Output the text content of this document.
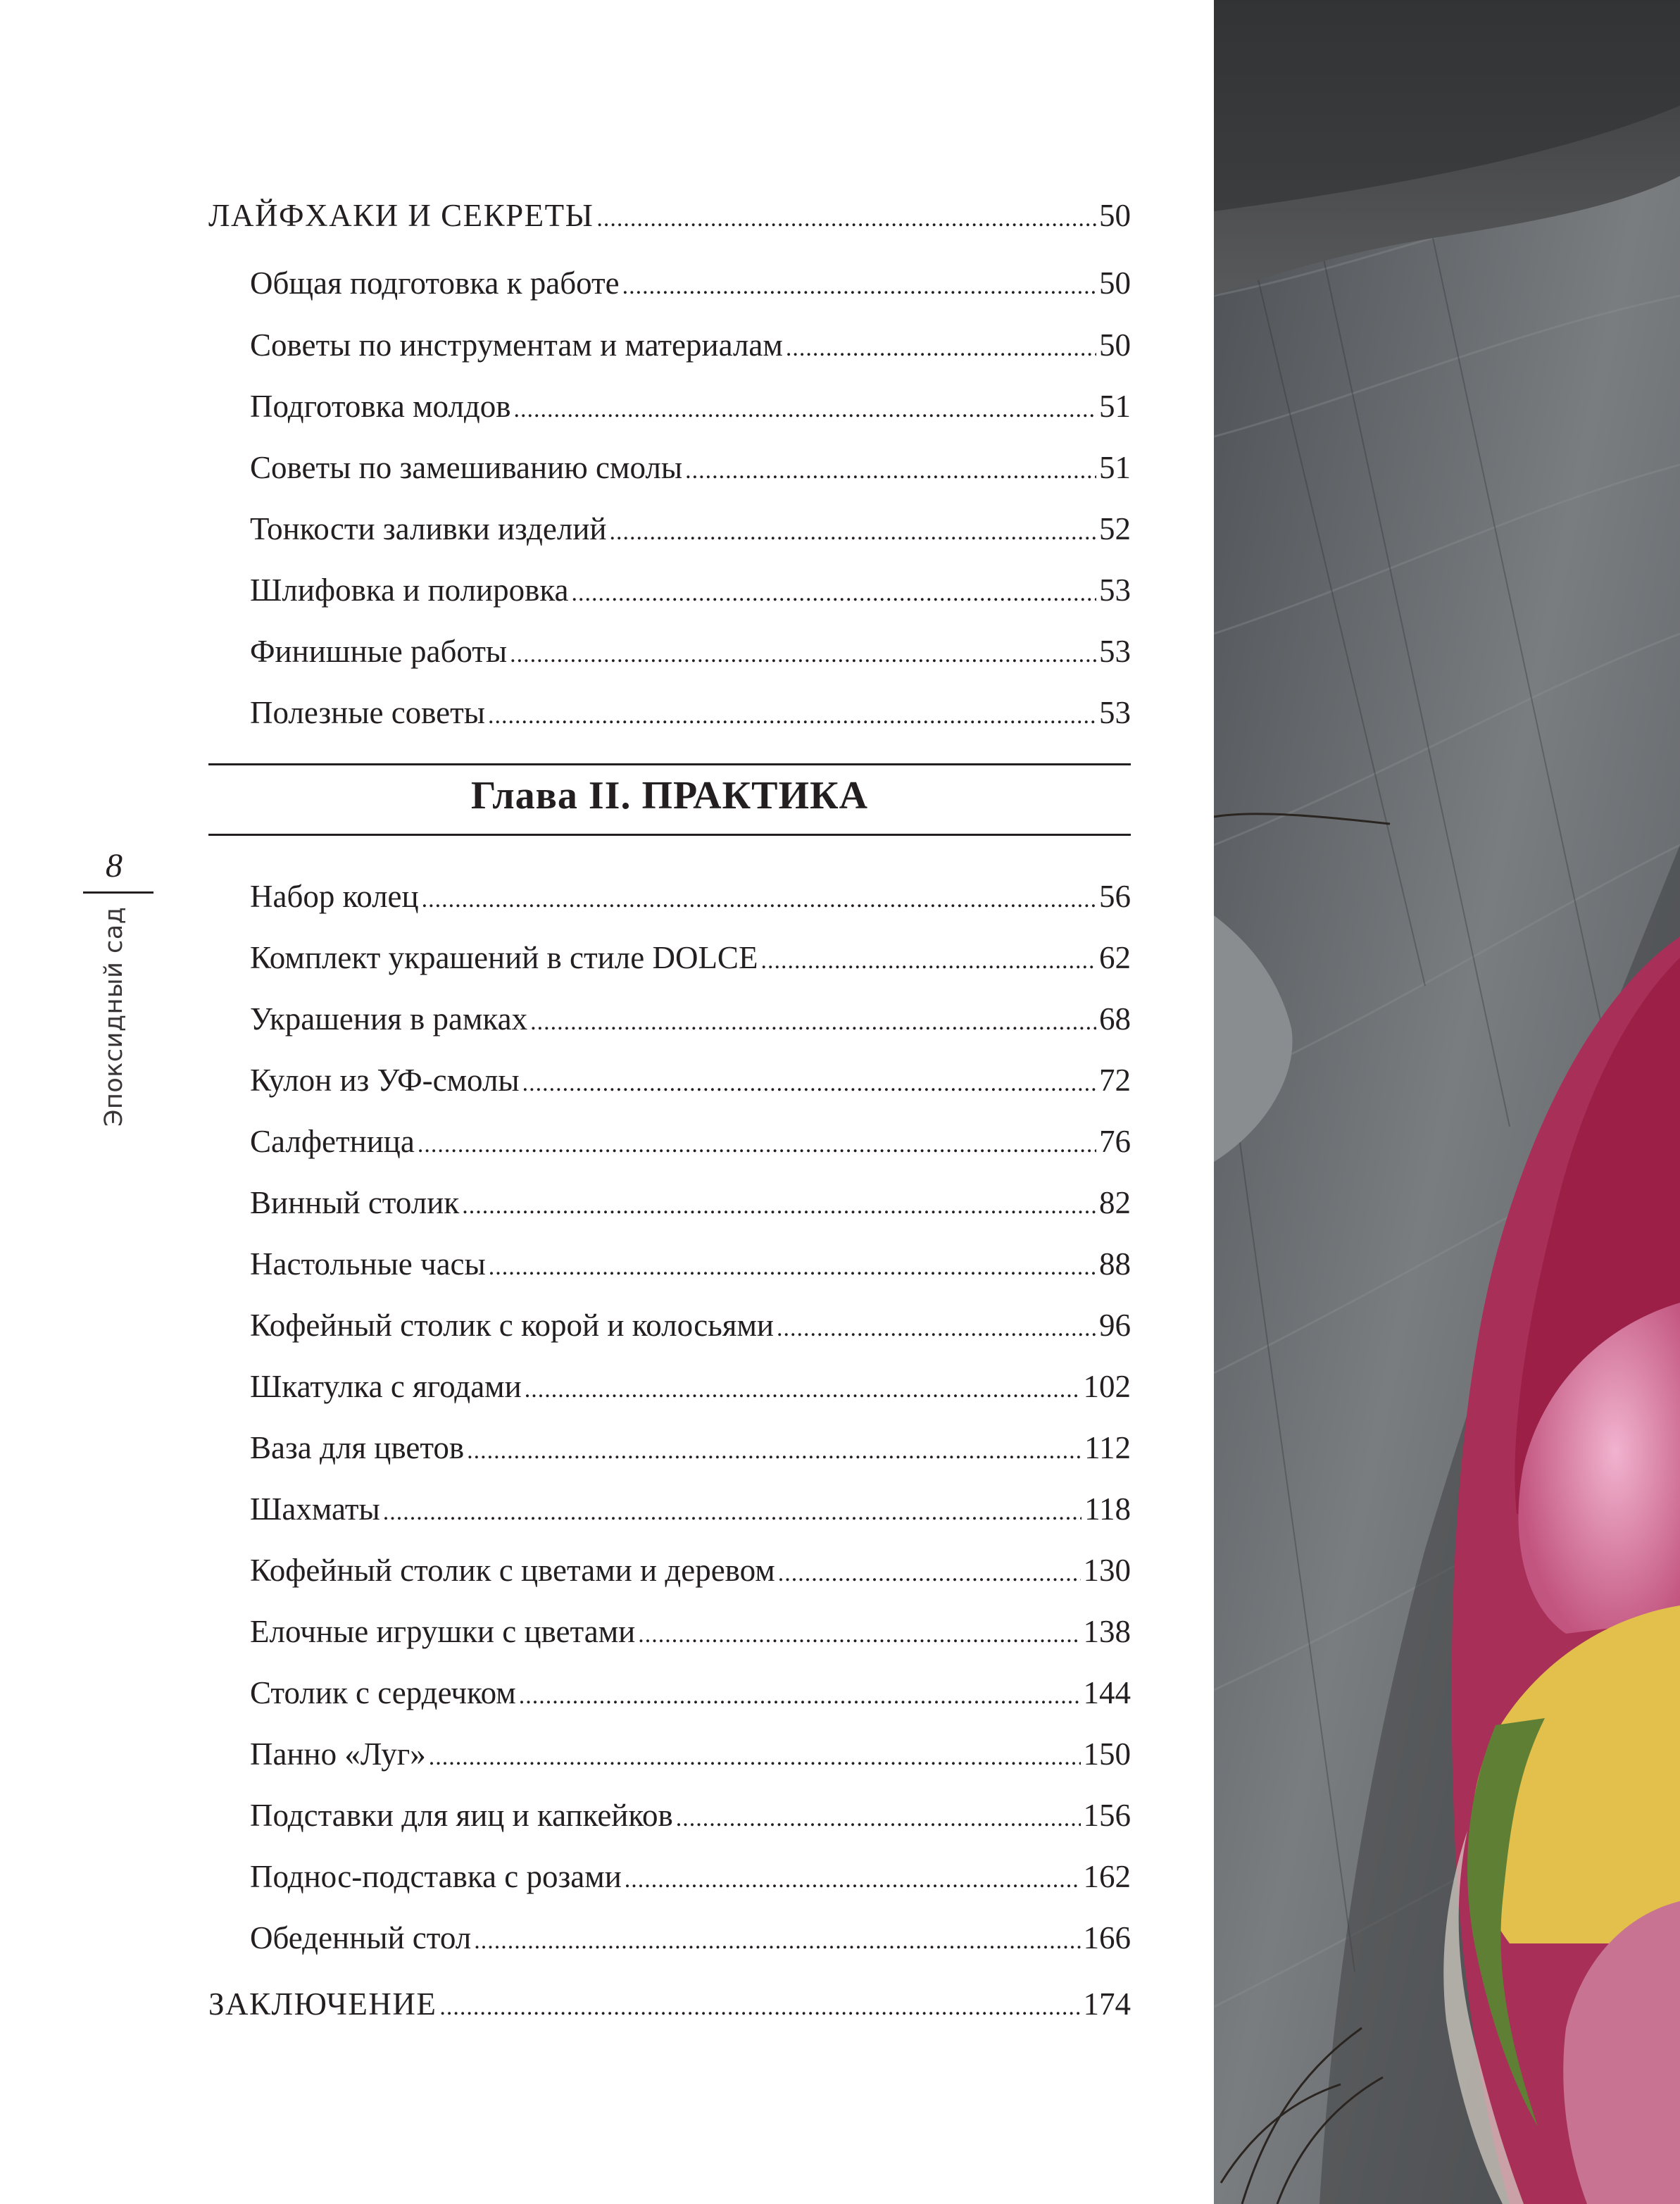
8
Эпоксидный сад
ЛАЙФХАКИ И СЕКРЕТЫ .....	50
Общая подготовка к работе .....	50
Советы по инструментам и материалам .....	50
Подготовка молдов .....	51
Советы по замешиванию смолы .....	51
Тонкости заливки изделий .....	52
Шлифовка и полировка .....	53
Финишные работы .....	53
Полезные советы .....	53
Глава II. ПРАКТИКА
Набор колец .....	56
Комплект украшений в стиле DOLCE .....	62
Украшения в рамках .....	68
Кулон из УФ-смолы .....	72
Салфетница .....	76
Винный столик .....	82
Настольные часы .....	88
Кофейный столик с корой и колосьями .....	96
Шкатулка с ягодами .....	102
Ваза для цветов .....	112
Шахматы .....	118
Кофейный столик с цветами и деревом .....	130
Елочные игрушки с цветами .....	138
Столик с сердечком .....	144
Панно «Луг» .....	150
Подставки для яиц и капкейков .....	156
Поднос-подставка с розами .....	162
Обеденный стол .....	166
ЗАКЛЮЧЕНИЕ .....	174
